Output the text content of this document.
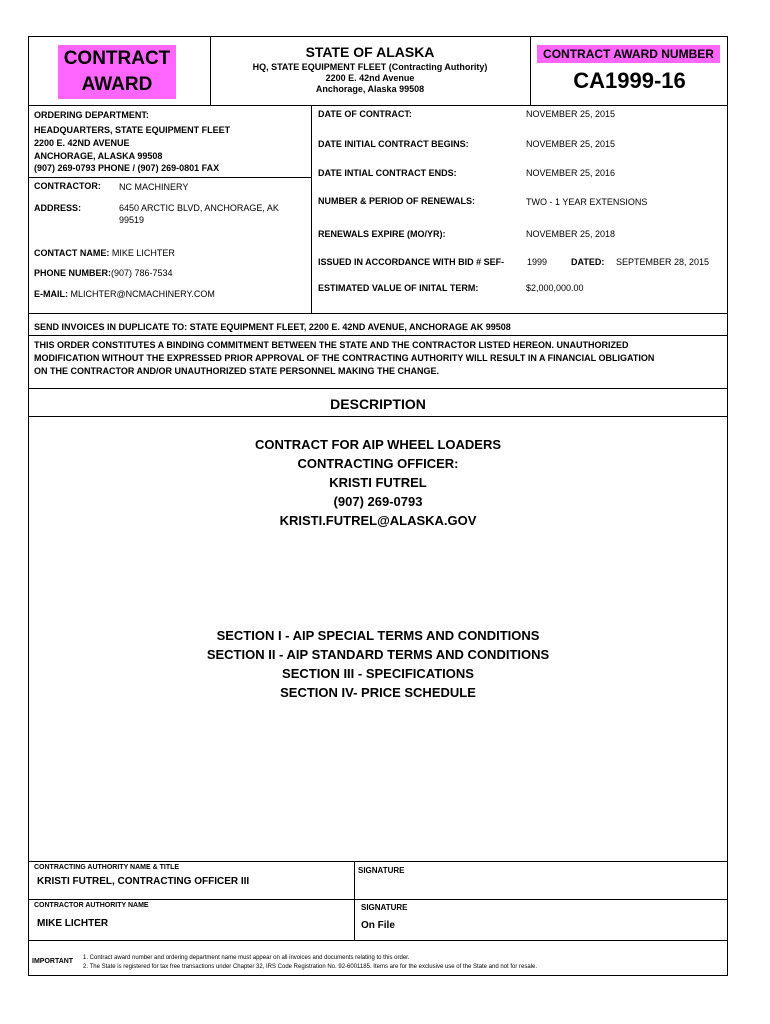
CONTRACT
AWARD
STATE OF ALASKA
HQ, STATE EQUIPMENT FLEET (Contracting Authority)
2200 E. 42nd Avenue
Anchorage, Alaska 99508
CONTRACT AWARD NUMBER
CA1999-16
ORDERING DEPARTMENT:
HEADQUARTERS, STATE EQUIPMENT FLEET
2200 E. 42ND AVENUE
ANCHORAGE, ALASKA 99508
(907) 269-0793 PHONE / (907) 269-0801 FAX
CONTRACTOR: NC MACHINERY
ADDRESS:	6450 ARCTIC BLVD, ANCHORAGE, AK
99519
CONTACT NAME: MIKE LICHTER
PHONE NUMBER:(907) 786-7534
E-MAIL: MLICHTER@NCMACHINERY.COM
DATE OF CONTRACT:	NOVEMBER 25, 2015
DATE INITIAL CONTRACT BEGINS:	NOVEMBER 25, 2015
DATE INTIAL CONTRACT ENDS:	NOVEMBER 25, 2016
NUMBER & PERIOD OF RENEWALS:	TWO - 1 YEAR EXTENSIONS
RENEWALS EXPIRE (MO/YR):	NOVEMBER 25, 2018
ISSUED IN ACCORDANCE WITH BID # SEF-	1999	DATED: SEPTEMBER 28, 2015
ESTIMATED VALUE OF INITAL TERM:	$2,000,000.00
SEND INVOICES IN DUPLICATE TO: STATE EQUIPMENT FLEET, 2200 E. 42ND AVENUE, ANCHORAGE AK 99508
THIS ORDER CONSTITUTES A BINDING COMMITMENT BETWEEN THE STATE AND THE CONTRACTOR LISTED HEREON. UNAUTHORIZED
MODIFICATION WITHOUT THE EXPRESSED PRIOR APPROVAL OF THE CONTRACTING AUTHORITY WILL RESULT IN A FINANCIAL OBLIGATION
ON THE CONTRACTOR AND/OR UNAUTHORIZED STATE PERSONNEL MAKING THE CHANGE.
DESCRIPTION
CONTRACT FOR AIP WHEEL LOADERS
CONTRACTING OFFICER:
KRISTI FUTREL
(907) 269-0793
KRISTI.FUTREL@ALASKA.GOV
SECTION I - AIP SPECIAL TERMS AND CONDITIONS
SECTION II - AIP STANDARD TERMS AND CONDITIONS
SECTION III - SPECIFICATIONS
SECTION IV- PRICE SCHEDULE
CONTRACTING AUTHORITY NAME & TITLE
KRISTI FUTREL, CONTRACTING OFFICER III
SIGNATURE
CONTRACTOR AUTHORITY NAME
MIKE LICHTER
SIGNATURE
On File
IMPORTANT 1. Contract award number and ordering department name must appear on all invoices and documents relating to this order.
2. The State is registered for tax free transactions under Chapter 32, IRS Code Registration No. 92-6001185. Items are for the exclusive use of the State and not for resale.
